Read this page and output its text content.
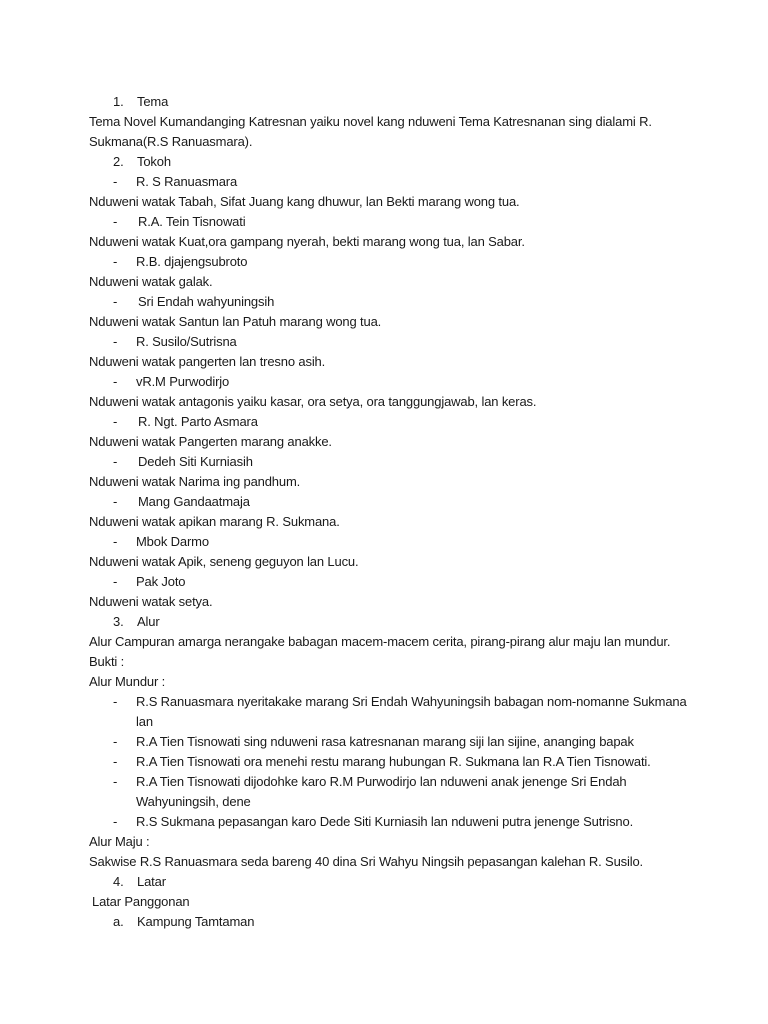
1. Tema
Tema Novel Kumandanging Katresnan yaiku novel kang nduweni Tema Katresnanan sing dialami R.
Sukmana(R.S Ranuasmara).
2. Tokoh
- R. S Ranuasmara
Nduweni watak Tabah, Sifat Juang kang dhuwur, lan Bekti marang wong tua.
- R.A. Tein Tisnowati
Nduweni watak Kuat,ora gampang nyerah, bekti marang wong tua, lan Sabar.
- R.B. djajengsubroto
Nduweni watak galak.
- Sri Endah wahyuningsih
Nduweni watak Santun lan Patuh marang wong tua.
- R. Susilo/Sutrisna
Nduweni watak pangerten lan tresno asih.
- vR.M Purwodirjo
Nduweni watak antagonis yaiku kasar, ora setya, ora tanggungjawab, lan keras.
- R. Ngt. Parto Asmara
Nduweni watak Pangerten marang anakke.
- Dedeh Siti Kurniasih
Nduweni watak Narima ing pandhum.
- Mang Gandaatmaja
Nduweni watak apikan marang R. Sukmana.
- Mbok Darmo
Nduweni watak Apik, seneng geguyon lan Lucu.
- Pak Joto
Nduweni watak setya.
3. Alur
Alur Campuran amarga nerangake babagan macem-macem cerita, pirang-pirang alur maju lan mundur.
Bukti :
Alur Mundur :
- R.S Ranuasmara nyeritakake marang Sri Endah Wahyuningsih babagan nom-nomanne Sukmana lan
- R.A Tien Tisnowati sing nduweni rasa katresnanan marang siji lan sijine, ananging bapak
- R.A Tien Tisnowati ora menehi restu marang hubungan R. Sukmana lan R.A Tien Tisnowati.
- R.A Tien Tisnowati dijodohke karo R.M Purwodirjo lan nduweni anak jenenge Sri Endah Wahyuningsih, dene
- R.S Sukmana pepasangan karo Dede Siti Kurniasih lan nduweni putra jenenge Sutrisno.
Alur Maju :
Sakwise R.S Ranuasmara seda bareng 40 dina Sri Wahyu Ningsih pepasangan kalehan R. Susilo.
4. Latar
Latar Panggonan
a. Kampung Tamtaman
